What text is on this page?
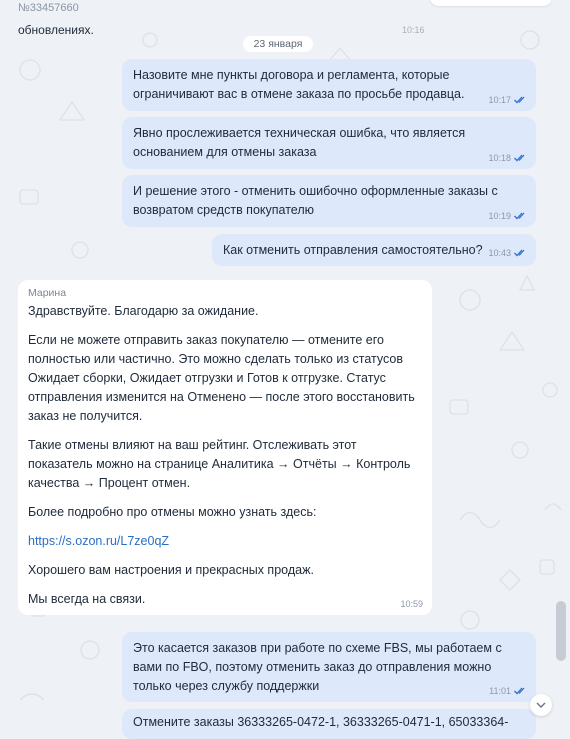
№33457660
обновлениях.	10:16
23 января
Назовите мне пункты договора и регламента, которые
ограничивают вас в отмене заказа по просьбе продавца.	10:17
Явно прослеживается техническая ошибка, что является
основанием для отмены заказа	10:18
И решение этого - отменить ошибочно оформленные заказы с
возвратом средств покупателю	10:19
Как отменить отправления самостоятельно? 10:43
Марина

Здравствуйте. Благодарю за ожидание.

Если не можете отправить заказ покупателю — отмените его
полностью или частично. Это можно сделать только из статусов
Ожидает сборки, Ожидает отгрузки и Готов к отгрузке. Статус
отправления изменится на Отменено — после этого восстановить
заказ не получится.

Такие отмены влияют на ваш рейтинг. Отслеживать этот
показатель можно на странице Аналитика → Отчёты → Контроль
качества → Процент отмен.

Более подробно про отмены можно узнать здесь:

https://s.ozon.ru/L7ze0qZ

Хорошего вам настроения и прекрасных продаж.

Мы всегда на связи.	10:59
Это касается заказов при работе по схеме FBS, мы работаем с
вами по FBO, поэтому отменить заказ до отправления можно
только через службу поддержки	11:01
Отмените заказы 36333265-0472-1, 36333265-0471-1, 65033364-
